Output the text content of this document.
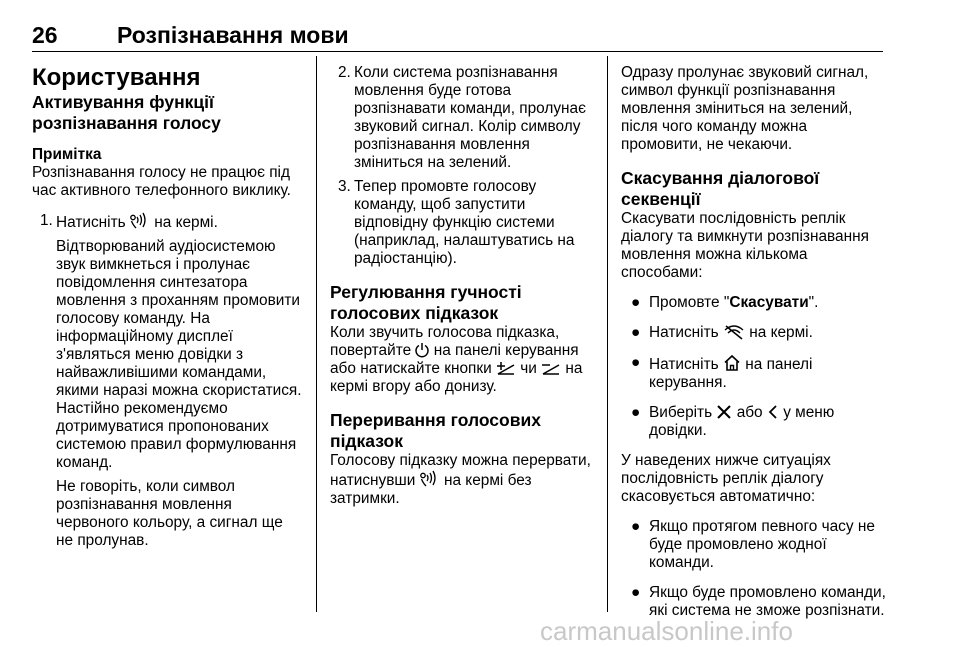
26	Розпізнавання мови

Користування

Активування функції розпізнавання голосу

Примітка

Розпізнавання голосу не працює під час активного телефонного виклику.

1. Натисніть на кермі.

Відтворюваний аудіосистемою звук вимкнеться і пролунає повідомлення синтезатора мовлення з проханням промовити голосову команду. На інформаційному дисплеї з'являться меню довідки з найважливішими командами, якими наразі можна скористатися. Настійно рекомендуємо дотримуватися пропонованих системою правил формулювання команд.

Не говоріть, коли символ розпізнавання мовлення червоного кольору, а сигнал ще не пролунав.

2. Коли система розпізнавання мовлення буде готова розпізнавати команди, пролунає звуковий сигнал. Колір символу розпізнавання мовлення зміниться на зелений.

3. Тепер промовте голосову команду, щоб запустити відповідну функцію системи (наприклад, налаштуватись на радіостанцію).

Регулювання гучності голосових підказок

Коли звучить голосова підказка, повертайте на панелі керування або натискайте кнопки чи на кермі вгору або донизу.

Переривання голосових підказок

Голосову підказку можна перервати, натиснувши на кермі без затримки.

Одразу пролунає звуковий сигнал, символ функції розпізнавання мовлення зміниться на зелений, після чого команду можна промовити, не чекаючи.

Скасування діалогової секвенції

Скасувати послідовність реплік діалогу та вимкнути розпізнавання мовлення можна кількома способами:

● Промовте "Скасувати".

● Натисніть на кермі.

● Натисніть на панелі керування.

● Виберіть або у меню довідки.

У наведених нижче ситуаціях послідовність реплік діалогу скасовується автоматично:

● Якщо протягом певного часу не буде промовлено жодної команди.

● Якщо буде промовлено команди, які система не зможе розпізнати.

carmanualsonline.info
